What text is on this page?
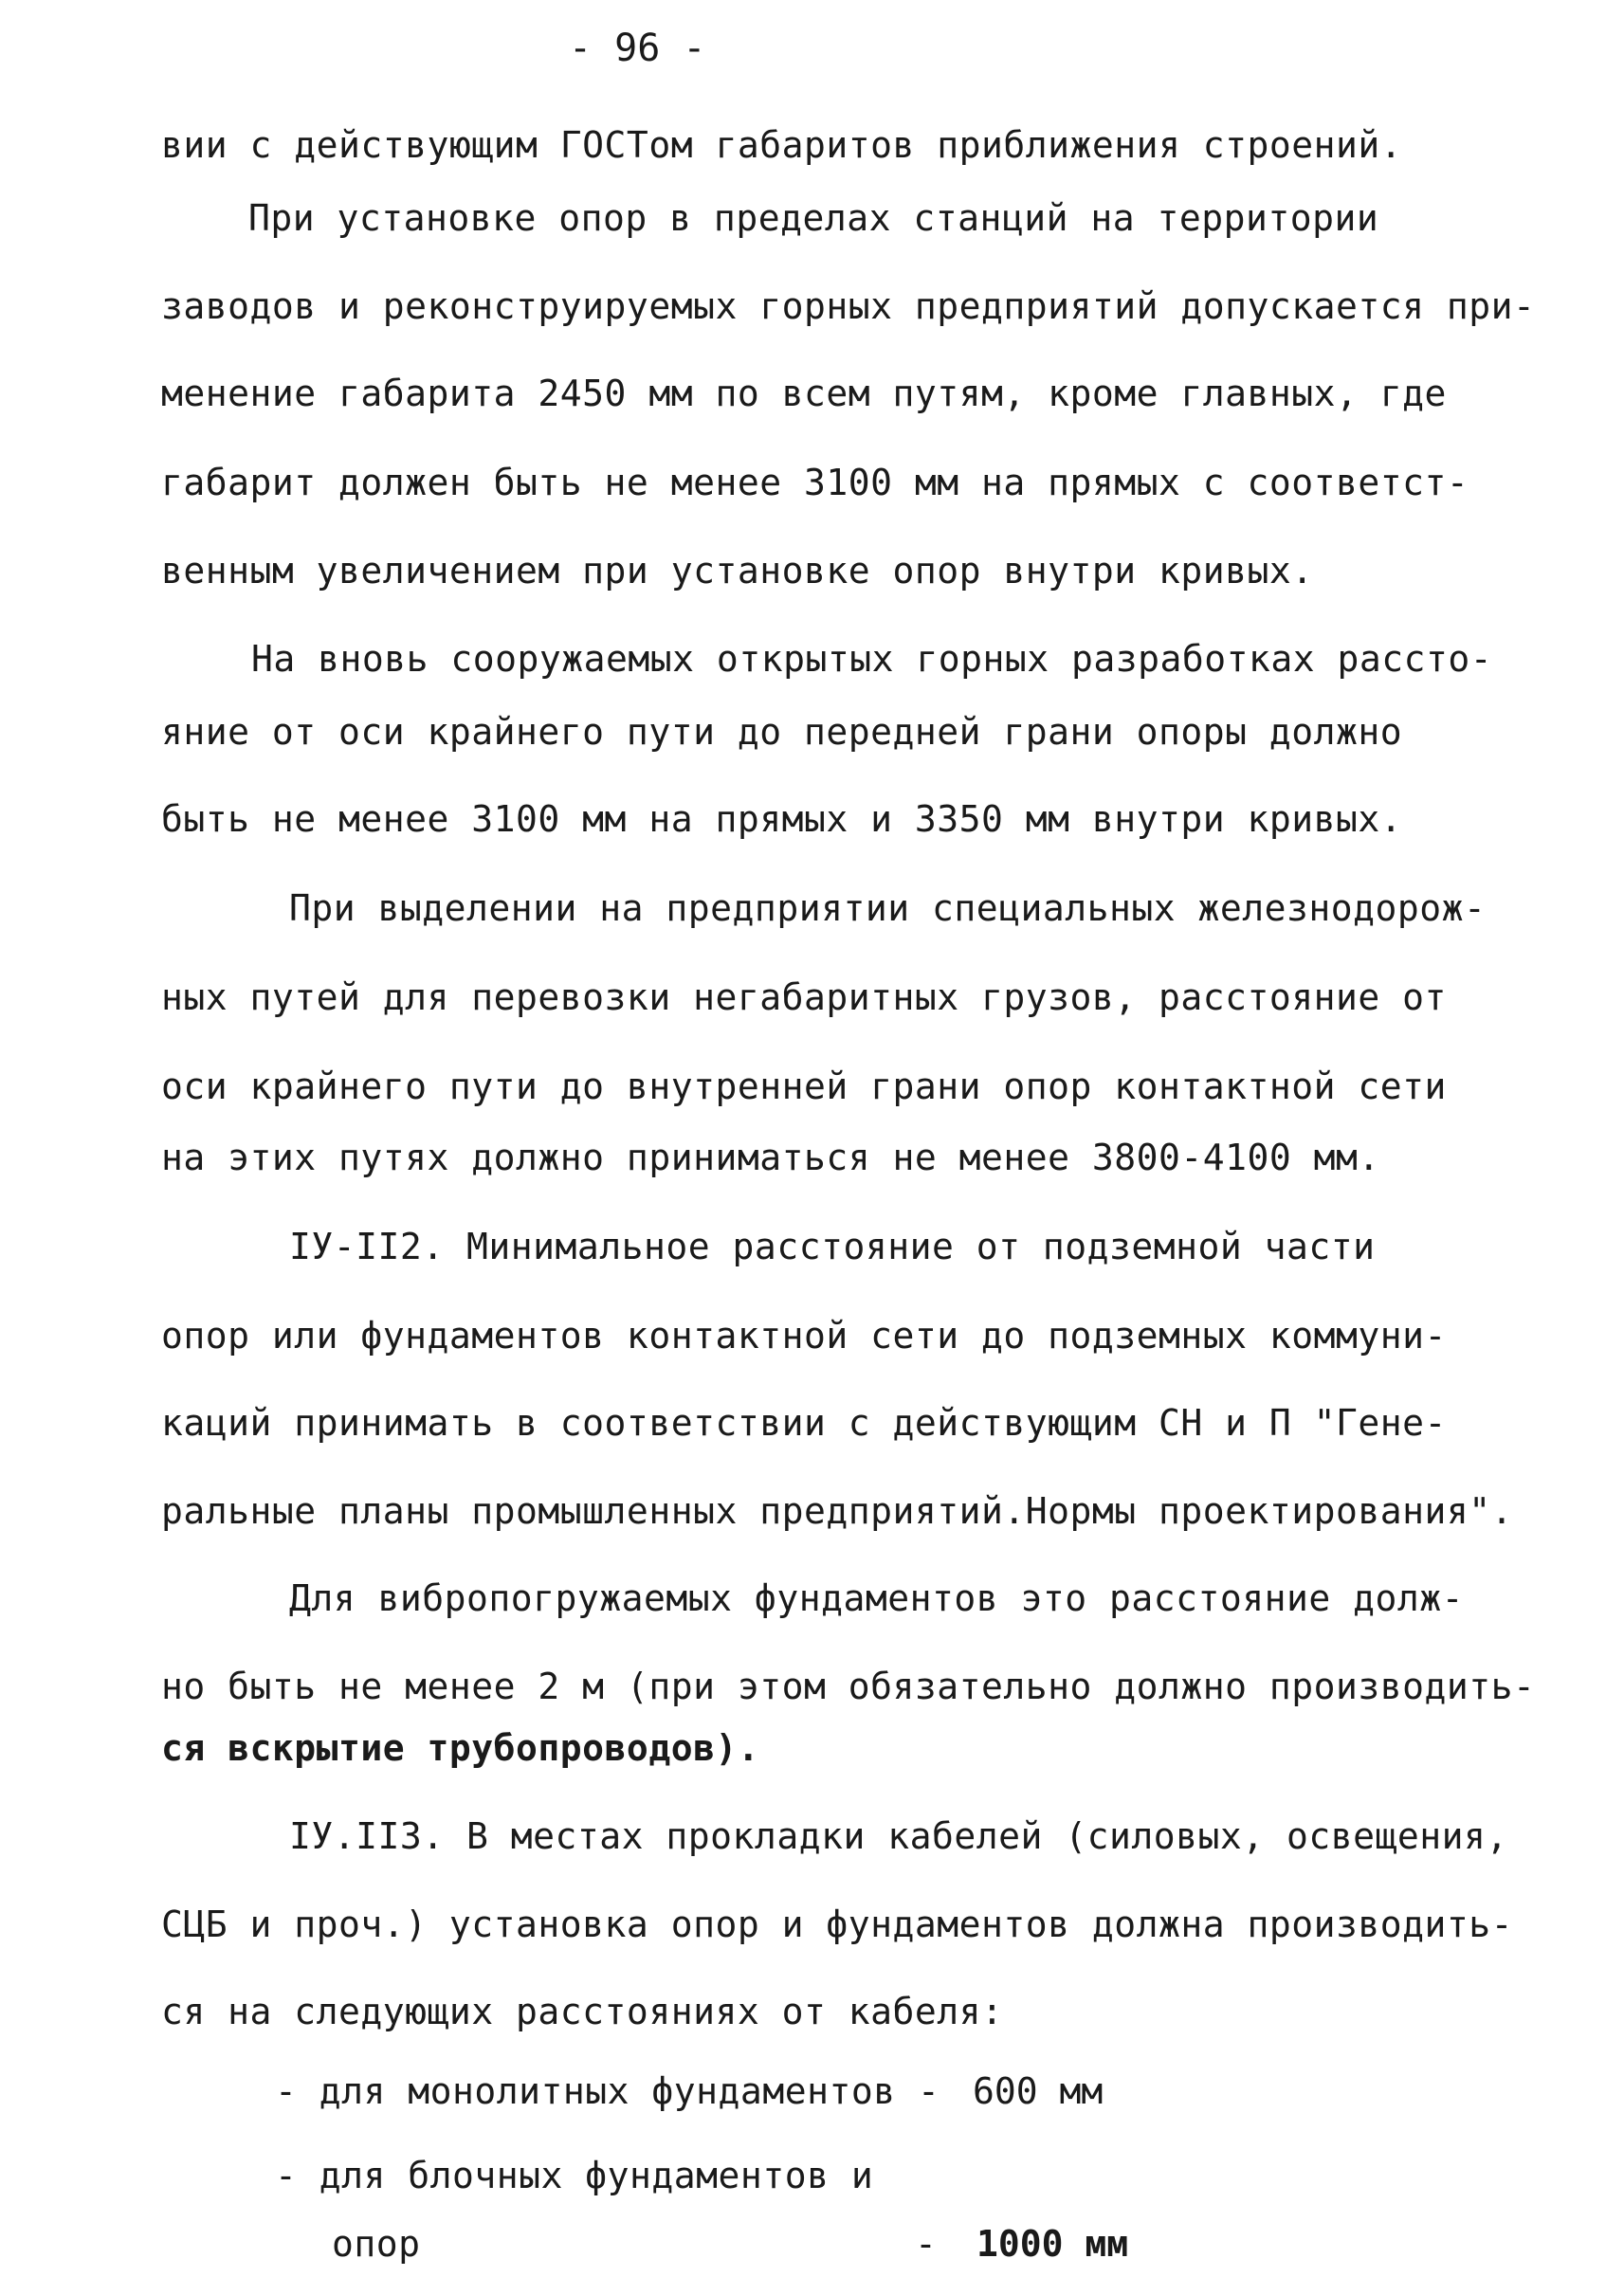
- 96 -
вии с действующим ГОСТом габаритов приближения строений.
При установке опор в пределах станций на территории
заводов и реконструируемых горных предприятий допускается при-
менение габарита 2450 мм по всем путям, кроме главных, где
габарит должен быть не менее 3100 мм на прямых с соответст-
венным увеличением при установке опор внутри кривых.
На вновь сооружаемых открытых горных разработках рассто-
яние от оси крайнего пути до передней грани опоры должно
быть не менее 3100 мм на прямых и 3350 мм внутри кривых.
При выделении на предприятии специальных железнодорож-
ных путей для перевозки негабаритных грузов, расстояние от
оси крайнего пути до внутренней грани опор контактной сети
на этих путях должно приниматься не менее 3800-4100 мм.
IУ-II2. Минимальное расстояние от подземной части
опор или фундаментов контактной сети до подземных коммуни-
каций принимать в соответствии с действующим СН и П "Гене-
ральные планы промышленных предприятий.Нормы проектирования".
Для вибропогружаемых фундаментов это расстояние долж-
но быть не менее 2 м (при этом обязательно должно производить-
ся вскрытие трубопроводов).
IУ.II3. В местах прокладки кабелей (силовых, освещения,
СЦБ и проч.) установка опор и фундаментов должна производить-
ся на следующих расстояниях от кабеля:
- для монолитных фундаментов - 600 мм
- для блочных фундаментов и
опор	- 1000 мм
